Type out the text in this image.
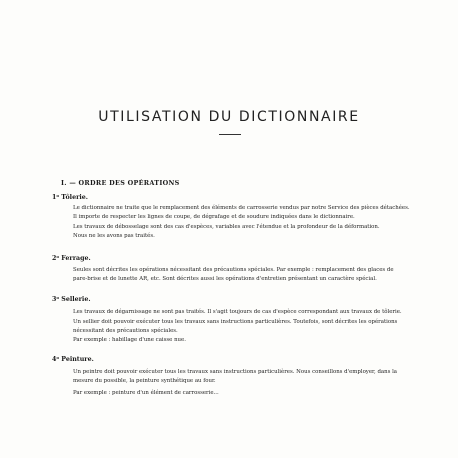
UTILISATION DU DICTIONNAIRE
I. — ORDRE DES OPÉRATIONS
1$^o$ Tôlerie.
Le dictionnaire ne traite que le remplacement des éléments de carrosserie vendus par notre Service des pièces détachées.
Il importe de respecter les lignes de coupe, de dégrafage et de soudure indiquées dans le dictionnaire.
Les travaux de débosselage sont des cas d'espèces, variables avec l'étendue et la profondeur de la déformation.
Nous ne les avons pas traités.
2$^o$ Ferrage.
Seules sont décrites les opérations nécessitant des précautions spéciales. Par exemple : remplacement des glaces de
pare-brise et de lunette AR, etc. Sont décrites aussi les opérations d'entretien présentant un caractère spécial.
3$^o$ Sellerie.
Les travaux de dégarnissage ne sont pas traités. Il s'agit toujours de cas d'espèce correspondant aux travaux de tôlerie.
Un sellier doit pouvoir exécuter tous les travaux sans instructions particulières. Toutefois, sont décrites les opérations
nécessitant des précautions spéciales.
Par exemple : habillage d'une caisse nue.
4$^o$ Peinture.
Un peintre doit pouvoir exécuter tous les travaux sans instructions particulières. Nous conseillons d'employer, dans la
mesure du possible, la peinture synthétique au four.
Par exemple : peinture d'un élément de carrosserie...
